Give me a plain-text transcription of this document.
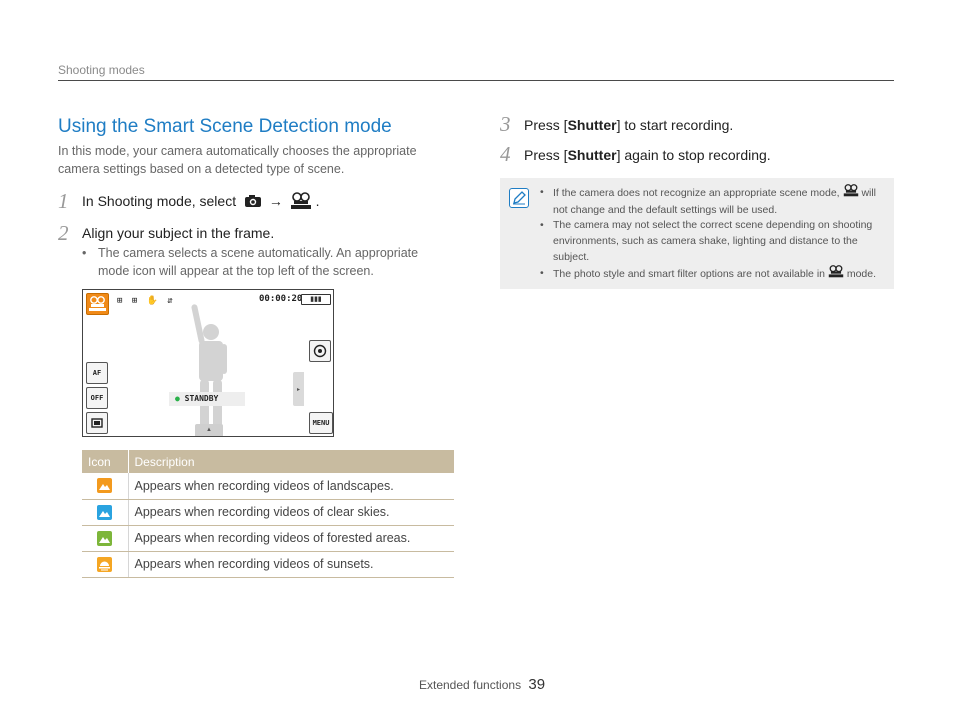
Shooting modes
Using the Smart Scene Detection mode
In this mode, your camera automatically chooses the appropriate camera settings based on a detected type of scene.
1 In Shooting mode, select → .
2 Align your subject in the frame.
• The camera selects a scene automatically. An appropriate mode icon will appear at the top left of the screen.
⊞ ⊞ ✋ ⇵	00:00:20	▮▮▮
AF
OFF
MENU
▸
● STANDBY
▲
Icon	Description
	Appears when recording videos of landscapes.
	Appears when recording videos of clear skies.
	Appears when recording videos of forested areas.
	Appears when recording videos of sunsets.
3 Press [Shutter] to start recording.
4 Press [Shutter] again to stop recording.
• If the camera does not recognize an appropriate scene mode, will not change and the default settings will be used.
• The camera may not select the correct scene depending on shooting environments, such as camera shake, lighting and distance to the subject.
• The photo style and smart filter options are not available in mode.
Extended functions 39
